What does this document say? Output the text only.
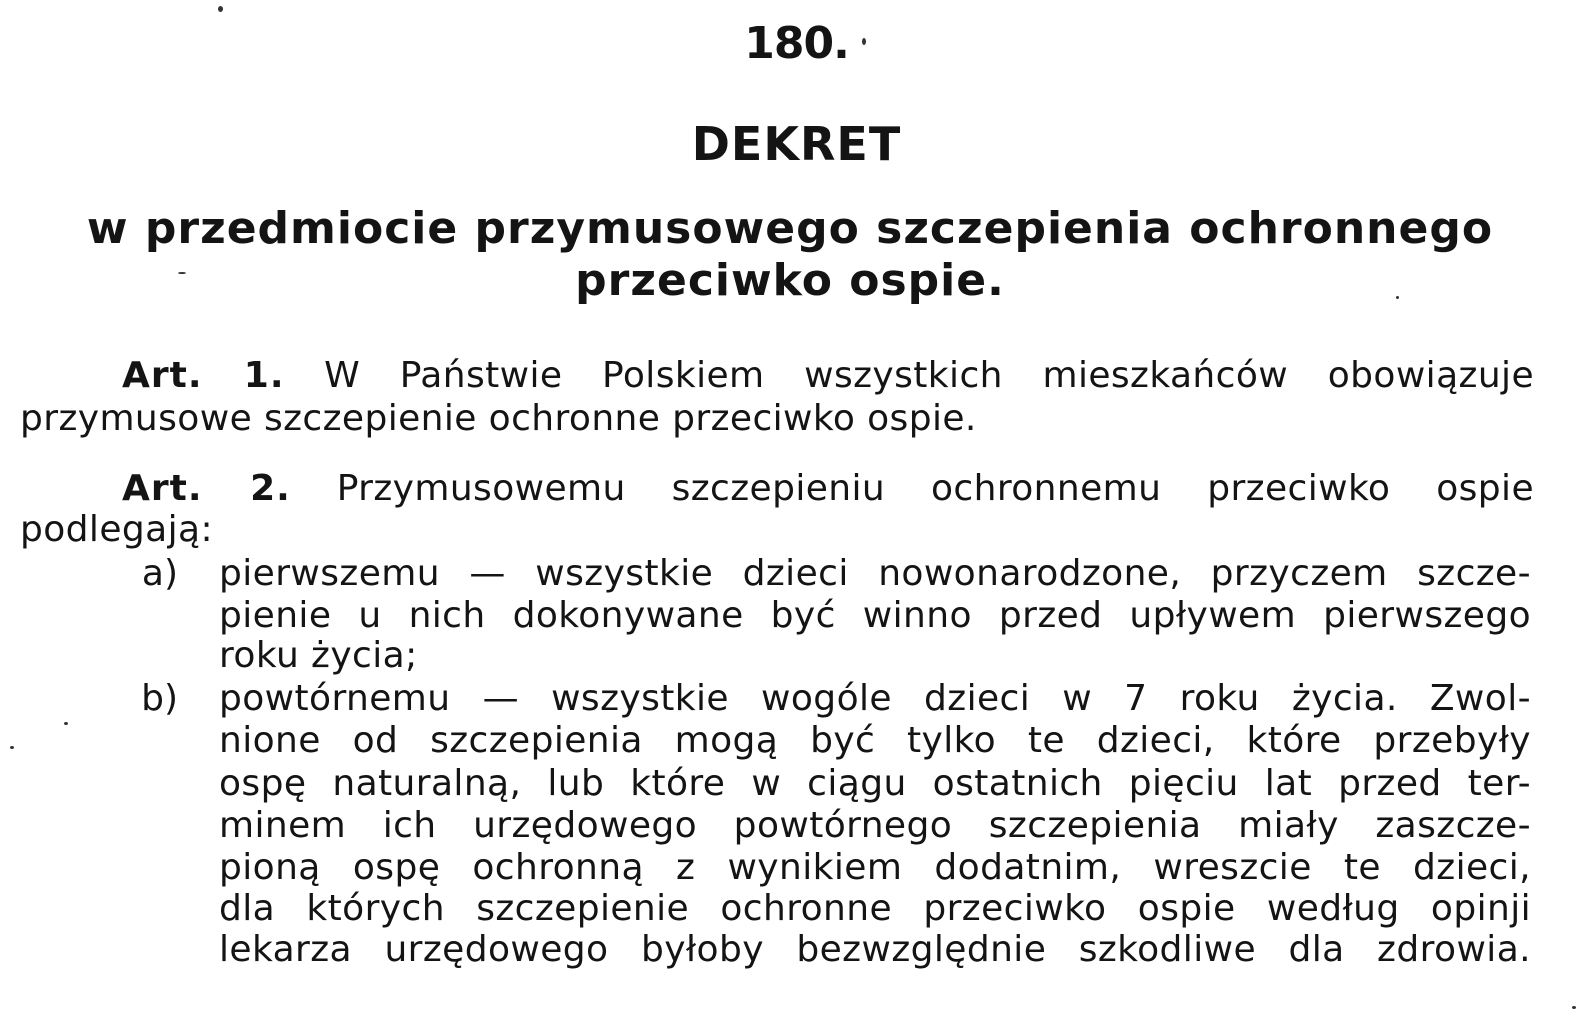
180.
DEKRET
w przedmiocie przymusowego szczepienia ochronnego
przeciwko ospie.
Art. 1. W Państwie Polskiem wszystkich mieszkańców obowiązuje
przymusowe szczepienie ochronne przeciwko ospie.
Art. 2. Przymusowemu szczepieniu ochronnemu przeciwko ospie
podlegają:
a) pierwszemu — wszystkie dzieci nowonarodzone, przyczem szcze-
pienie u nich dokonywane być winno przed upływem pierwszego
roku życia;
b) powtórnemu — wszystkie wogóle dzieci w 7 roku życia. Zwol-
nione od szczepienia mogą być tylko te dzieci, które przebyły
ospę naturalną, lub które w ciągu ostatnich pięciu lat przed ter-
minem ich urzędowego powtórnego szczepienia miały zaszcze-
pioną ospę ochronną z wynikiem dodatnim, wreszcie te dzieci,
dla których szczepienie ochronne przeciwko ospie według opinji
lekarza urzędowego byłoby bezwzględnie szkodliwe dla zdrowia.
